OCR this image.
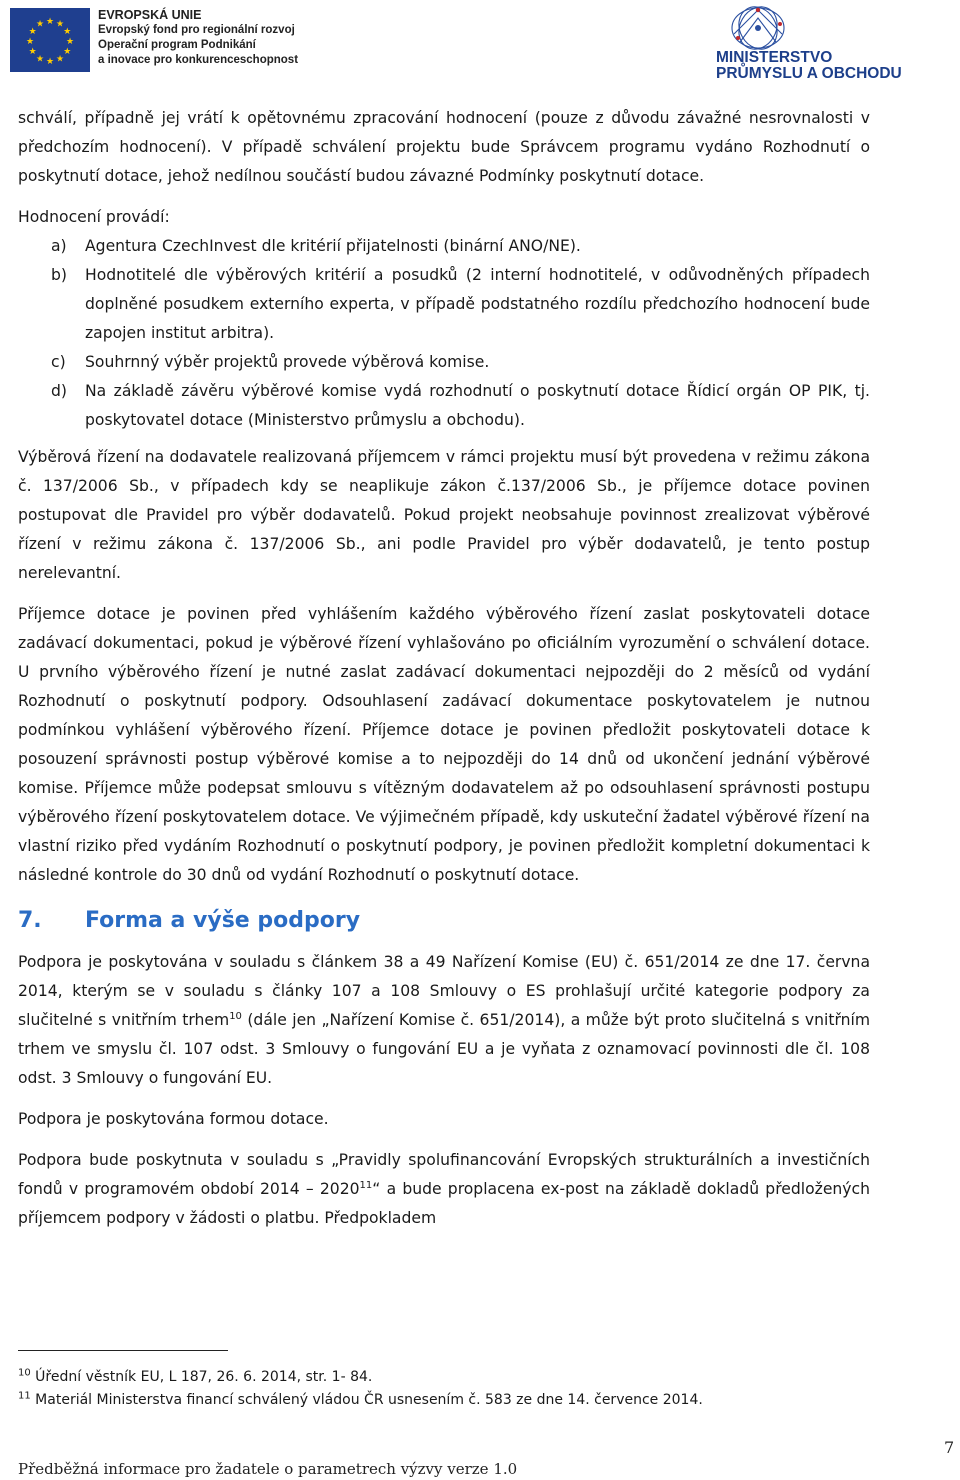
★ ★
★
★
★
★
★
★
★
★
★
★
EVROPSKÁ UNIE
Evropský fond pro regionální rozvoj
Operační program Podnikání
a inovace pro konkurenceschopnost	MINISTERSTVO
PRŮMYSLU A OBCHODU

schválí, případně jej vrátí k opětovnému zpracování hodnocení (pouze z důvodu závažné nesrovnalosti v předchozím hodnocení). V případě schválení projektu bude Správcem programu vydáno Rozhodnutí o poskytnutí dotace, jehož nedílnou součástí budou závazné Podmínky poskytnutí dotace.

Hodnocení provádí:

a) Agentura CzechInvest dle kritérií přijatelnosti (binární ANO/NE).
b) Hodnotitelé dle výběrových kritérií a posudků (2 interní hodnotitelé, v odůvodněných případech doplněné posudkem externího experta, v případě podstatného rozdílu předchozího hodnocení bude zapojen institut arbitra).
c) Souhrnný výběr projektů provede výběrová komise.
d) Na základě závěru výběrové komise vydá rozhodnutí o poskytnutí dotace Řídicí orgán OP PIK, tj. poskytovatel dotace (Ministerstvo průmyslu a obchodu).

Výběrová řízení na dodavatele realizovaná příjemcem v rámci projektu musí být provedena v režimu zákona č. 137/2006 Sb., v případech kdy se neaplikuje zákon č.137/2006 Sb., je příjemce dotace povinen postupovat dle Pravidel pro výběr dodavatelů. Pokud projekt neobsahuje povinnost zrealizovat výběrové řízení v režimu zákona č. 137/2006 Sb., ani podle Pravidel pro výběr dodavatelů, je tento postup nerelevantní.

Příjemce dotace je povinen před vyhlášením každého výběrového řízení zaslat poskytovateli dotace zadávací dokumentaci, pokud je výběrové řízení vyhlašováno po oficiálním vyrozumění o schválení dotace. U prvního výběrového řízení je nutné zaslat zadávací dokumentaci nejpozději do 2 měsíců od vydání Rozhodnutí o poskytnutí podpory. Odsouhlasení zadávací dokumentace poskytovatelem je nutnou podmínkou vyhlášení výběrového řízení. Příjemce dotace je povinen předložit poskytovateli dotace k posouzení správnosti postup výběrové komise a to nejpozději do 14 dnů od ukončení jednání výběrové komise. Příjemce může podepsat smlouvu s vítězným dodavatelem až po odsouhlasení správnosti postupu výběrového řízení poskytovatelem dotace. Ve výjimečném případě, kdy uskuteční žadatel výběrové řízení na vlastní riziko před vydáním Rozhodnutí o poskytnutí podpory, je povinen předložit kompletní dokumentaci k následné kontrole do 30 dnů od vydání Rozhodnutí o poskytnutí dotace.

7. Forma a výše podpory

Podpora je poskytována v souladu s článkem 38 a 49 Nařízení Komise (EU) č. 651/2014 ze dne 17. června 2014, kterým se v souladu s články 107 a 108 Smlouvy o ES prohlašují určité kategorie podpory za slučitelné s vnitřním trhem$^{10}$ (dále jen „Nařízení Komise č. 651/2014), a může být proto slučitelná s vnitřním trhem ve smyslu čl. 107 odst. 3 Smlouvy o fungování EU a je vyňata z oznamovací povinnosti dle čl. 108 odst. 3 Smlouvy o fungování EU.

Podpora je poskytována formou dotace.

Podpora bude poskytnuta v souladu s „Pravidly spolufinancování Evropských strukturálních a investičních fondů v programovém období 2014 – 2020$^{11}$“ a bude proplacena ex-post na základě dokladů předložených příjemcem podpory v žádosti o platbu. Předpokladem

$^{10}$ Úřední věstník EU, L 187, 26. 6. 2014, str. 1- 84.
$^{11}$ Materiál Ministerstva financí schválený vládou ČR usnesením č. 583 ze dne 14. července 2014.
Předběžná informace pro žadatele o parametrech výzvy verze 1.0
7
